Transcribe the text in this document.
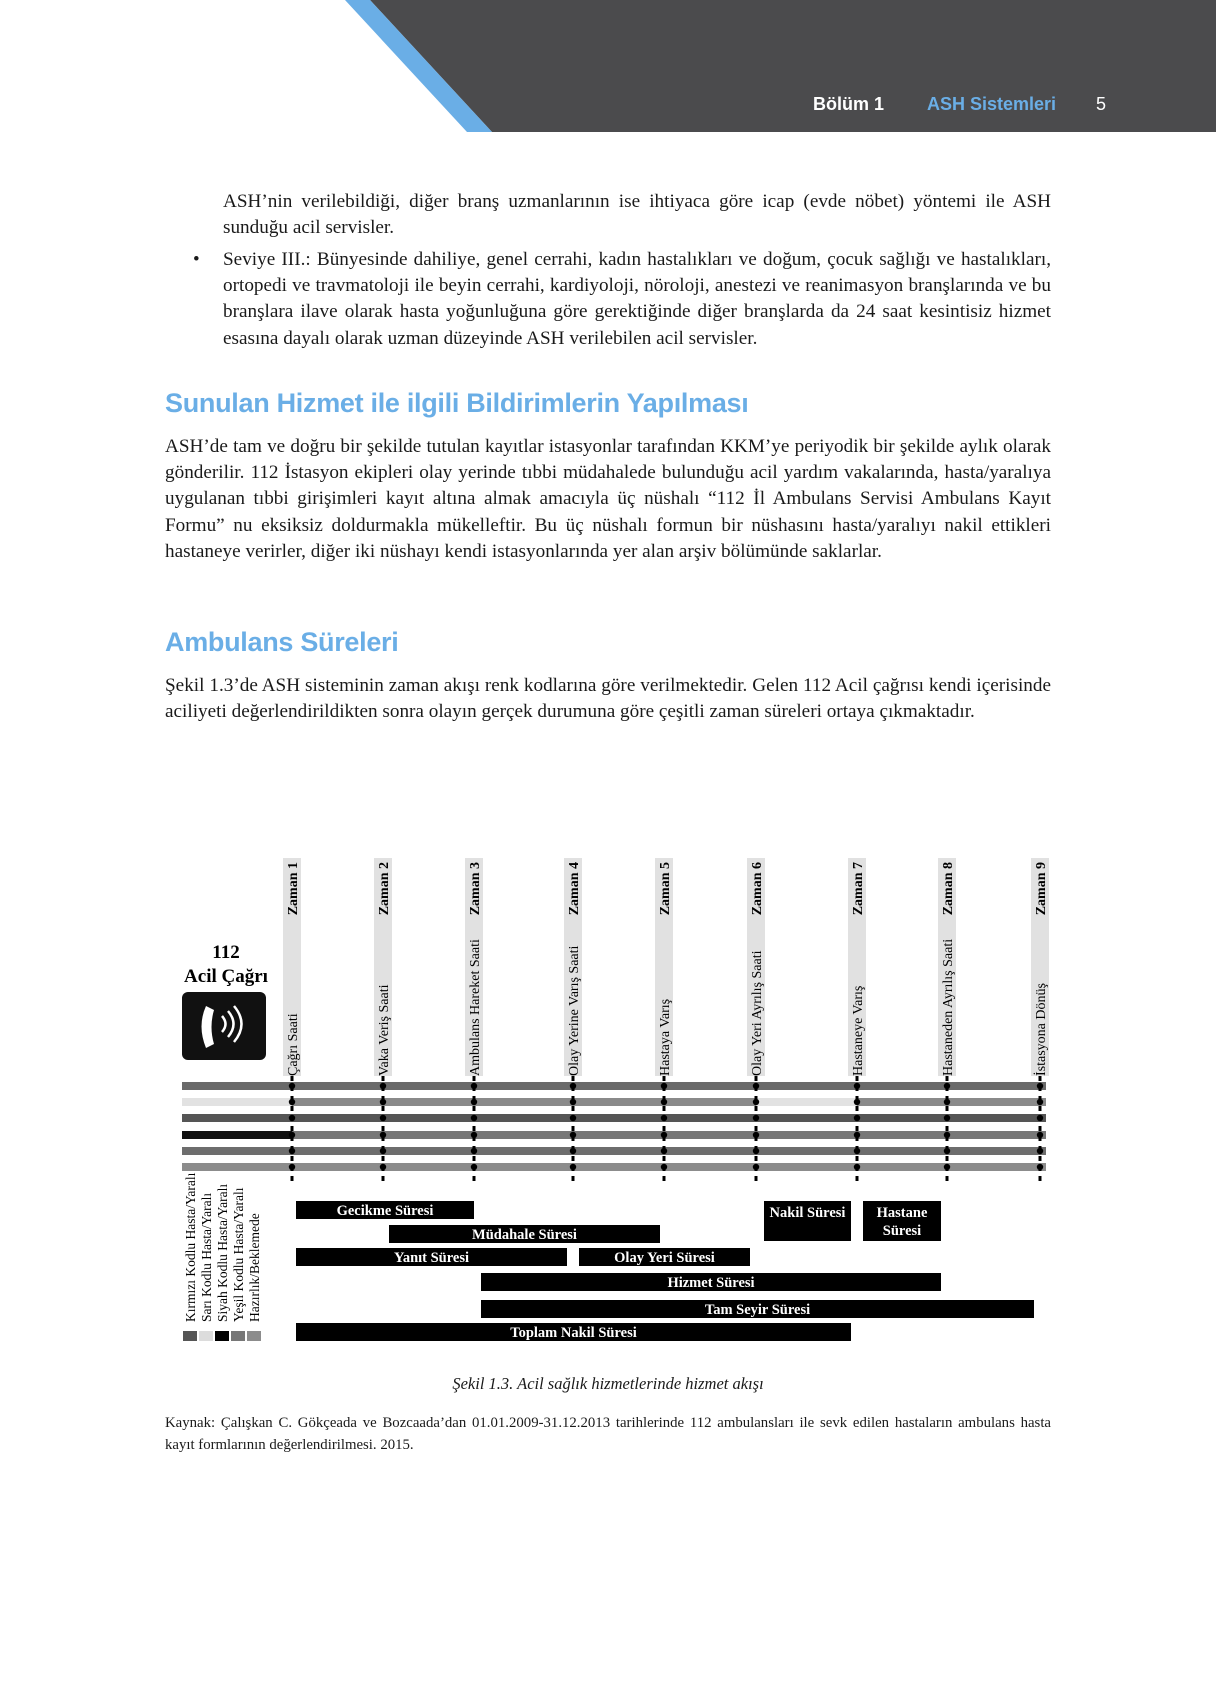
Bölüm 1 ASH Sistemleri 5

ASH’nin verilebildiği, diğer branş uzmanlarının ise ihtiyaca göre icap (evde nöbet) yöntemi ile ASH sunduğu acil servisler.

• Seviye III.: Bünyesinde dahiliye, genel cerrahi, kadın hastalıkları ve doğum, çocuk sağlığı ve hastalıkları, ortopedi ve travmatoloji ile beyin cerrahi, kardiyoloji, nöroloji, anestezi ve reanimasyon branşlarında ve bu branşlara ilave olarak hasta yoğunluğuna göre gerektiğinde diğer branşlarda da 24 saat kesintisiz hizmet esasına dayalı olarak uzman düzeyinde ASH verilebilen acil servisler.

Sunulan Hizmet ile ilgili Bildirimlerin Yapılması

ASH’de tam ve doğru bir şekilde tutulan kayıtlar istasyonlar tarafından KKM’ye periyodik bir şekilde aylık olarak gönderilir. 112 İstasyon ekipleri olay yerinde tıbbi müdahalede bulunduğu acil yardım vakalarında, hasta/yaralıya uygulanan tıbbi girişimleri kayıt altına almak amacıyla üç nüshalı “112 İl Ambulans Servisi Ambulans Kayıt Formu” nu eksiksiz doldurmakla mükelleftir. Bu üç nüshalı formun bir nüshasını hasta/yaralıyı nakil ettikleri hastaneye verirler, diğer iki nüshayı kendi istasyonlarında yer alan arşiv bölümünde saklarlar.

Ambulans Süreleri

Şekil 1.3’de ASH sisteminin zaman akışı renk kodlarına göre verilmektedir. Gelen 112 Acil çağrısı kendi içerisinde aciliyeti değerlendirildikten sonra olayın gerçek durumuna göre çeşitli zaman süreleri ortaya çıkmaktadır.

Zaman 1
Çağrı Saati
Zaman 2
Vaka Veriş Saati
Zaman 3
Ambulans Hareket Saati
Zaman 4
Olay Yerine Varış Saati
Zaman 5
Hastaya Varış
Zaman 6
Olay Yeri Ayrılış Saati
Zaman 7
Hastaneye Varış
Zaman 8
Hastaneden Ayrılış Saati
Zaman 9
İstasyona Dönüş
112
Acil Çağrı
Kırmızı Kodlu Hasta/Yaralı Sarı Kodlu Hasta/Yaralı Siyah Kodlu Hasta/Yaralı Yeşil Kodlu Hasta/Yaralı Hazırlık/Beklemede
Gecikme Süresi
Müdahale Süresi
Yanıt Süresi	Olay Yeri Süresi
Hizmet Süresi
Tam Seyir Süresi
Toplam Nakil Süresi
Nakil Süresi Hastane
Süresi

Şekil 1.3. Acil sağlık hizmetlerinde hizmet akışı

Kaynak: Çalışkan C. Gökçeada ve Bozcaada’dan 01.01.2009-31.12.2013 tarihlerinde 112 ambulansları ile sevk edilen hastaların ambulans hasta kayıt formlarının değerlendirilmesi. 2015.
